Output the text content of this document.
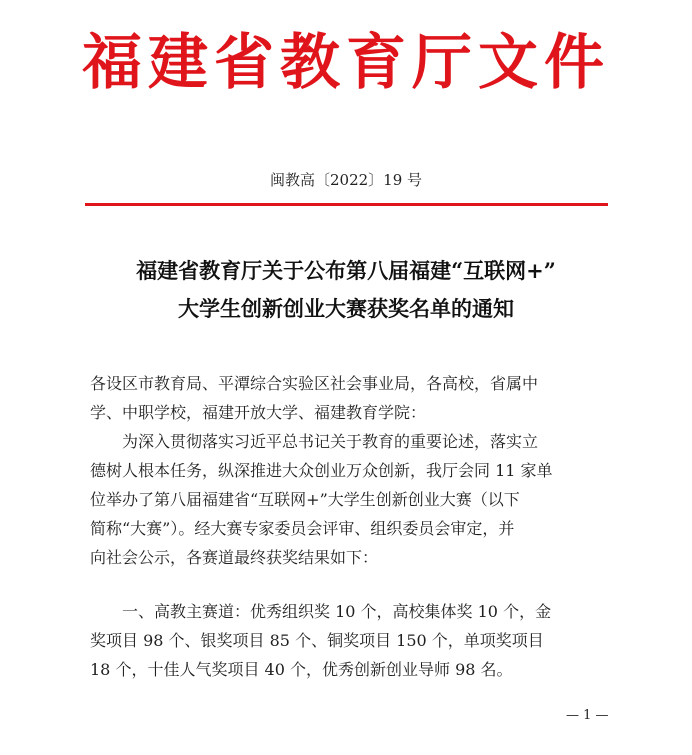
福建省教育厅文件
闽教高〔2022〕19 号
福建省教育厅关于公布第八届福建“互联网+”
大学生创新创业大赛获奖名单的通知

各设区市教育局、平潭综合实验区社会事业局，各高校，省属中

学、中职学校，福建开放大学、福建教育学院：

　　为深入贯彻落实习近平总书记关于教育的重要论述，落实立

德树人根本任务，纵深推进大众创业万众创新，我厅会同 11 家单

位举办了第八届福建省“互联网+”大学生创新创业大赛（以下

简称“大赛”）。经大赛专家委员会评审、组织委员会审定，并

向社会公示，各赛道最终获奖结果如下：

　　一、高教主赛道：优秀组织奖 10 个，高校集体奖 10 个，金

奖项目 98 个、银奖项目 85 个、铜奖项目 150 个，单项奖项目

18 个，十佳人气奖项目 40 个，优秀创新创业导师 98 名。

— 1 —
